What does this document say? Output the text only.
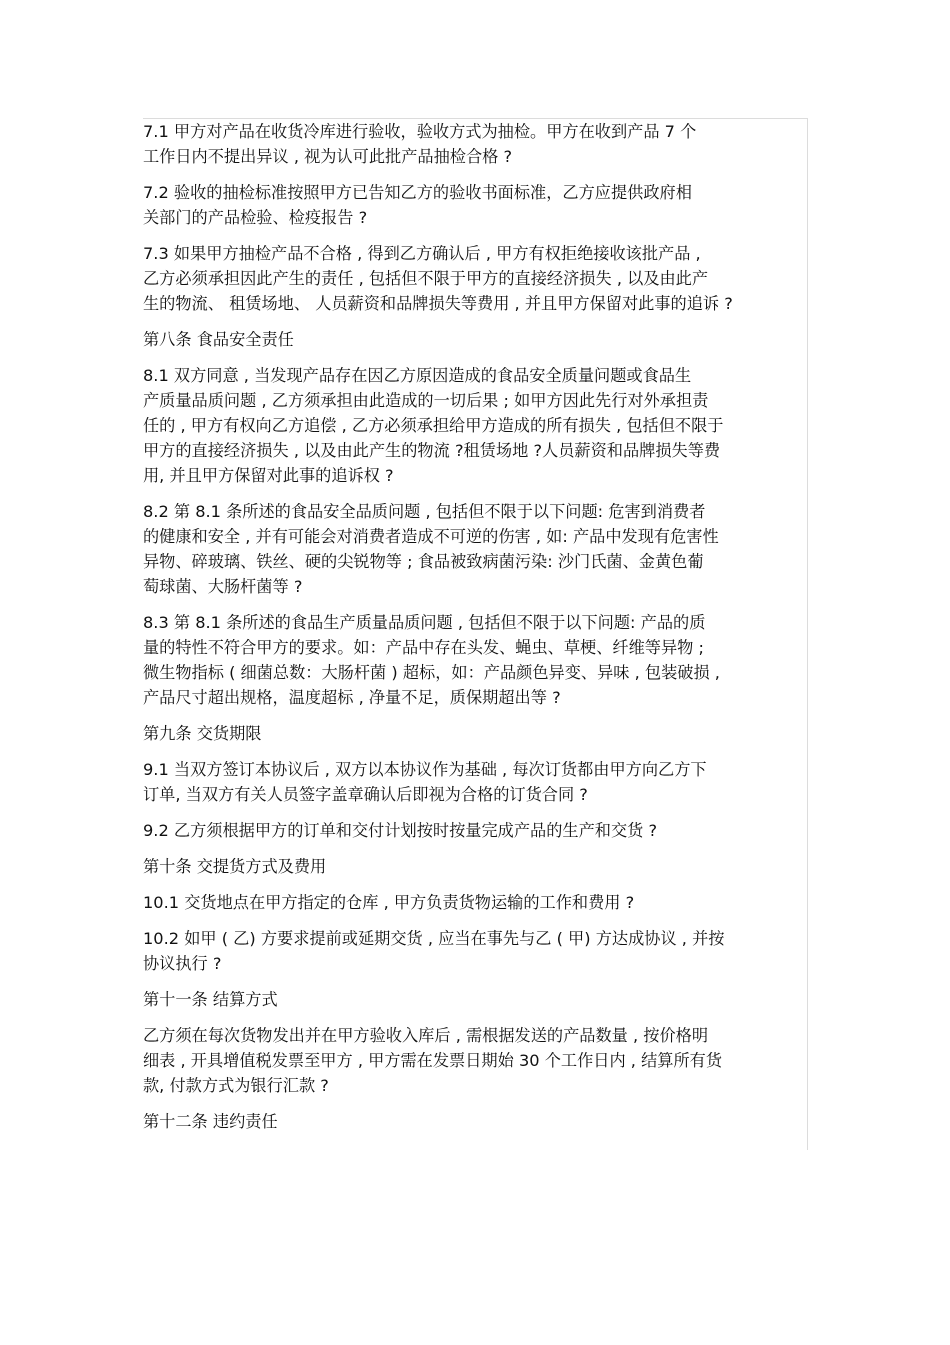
7.1 甲方对产品在收货冷库进行验收，验收方式为抽检。甲方在收到产品 7 个
工作日内不提出异议 , 视为认可此批产品抽检合格 ?
7.2 验收的抽检标准按照甲方已告知乙方的验收书面标准，乙方应提供政府相
关部门的产品检验、检疫报告 ?
7.3 如果甲方抽检产品不合格 , 得到乙方确认后 , 甲方有权拒绝接收该批产品 ,
乙方必须承担因此产生的责任 , 包括但不限于甲方的直接经济损失 , 以及由此产
生的物流、 租赁场地、 人员薪资和品牌损失等费用 , 并且甲方保留对此事的追诉 ?
第八条 食品安全责任
8.1 双方同意 , 当发现产品存在因乙方原因造成的食品安全质量问题或食品生
产质量品质问题 , 乙方须承担由此造成的一切后果 ; 如甲方因此先行对外承担责
任的 , 甲方有权向乙方追偿 , 乙方必须承担给甲方造成的所有损失 , 包括但不限于
甲方的直接经济损失 , 以及由此产生的物流 ?租赁场地 ?人员薪资和品牌损失等费
用, 并且甲方保留对此事的追诉权 ?
8.2 第 8.1 条所述的食品安全品质问题 , 包括但不限于以下问题: 危害到消费者
的健康和安全 , 并有可能会对消费者造成不可逆的伤害 , 如: 产品中发现有危害性
异物、碎玻璃、铁丝、硬的尖锐物等 ; 食品被致病菌污染: 沙门氏菌、金黄色葡
萄球菌、大肠杆菌等 ?
8.3 第 8.1 条所述的食品生产质量品质问题 , 包括但不限于以下问题: 产品的质
量的特性不符合甲方的要求。如：产品中存在头发、蝇虫、草梗、纤维等异物 ;
微生物指标 ( 细菌总数：大肠杆菌 ) 超标，如：产品颜色异变、异味 , 包装破损 ,
产品尺寸超出规格，温度超标 , 净量不足，质保期超出等 ?
第九条 交货期限
9.1 当双方签订本协议后 , 双方以本协议作为基础 , 每次订货都由甲方向乙方下
订单, 当双方有关人员签字盖章确认后即视为合格的订货合同 ?
9.2 乙方须根据甲方的订单和交付计划按时按量完成产品的生产和交货 ?
第十条 交提货方式及费用
10.1 交货地点在甲方指定的仓库 , 甲方负责货物运输的工作和费用 ?
10.2 如甲 ( 乙) 方要求提前或延期交货 , 应当在事先与乙 ( 甲) 方达成协议 , 并按
协议执行 ?
第十一条 结算方式
乙方须在每次货物发出并在甲方验收入库后 , 需根据发送的产品数量 , 按价格明
细表 , 开具增值税发票至甲方 , 甲方需在发票日期始 30 个工作日内 , 结算所有货
款, 付款方式为银行汇款 ?
第十二条 违约责任
